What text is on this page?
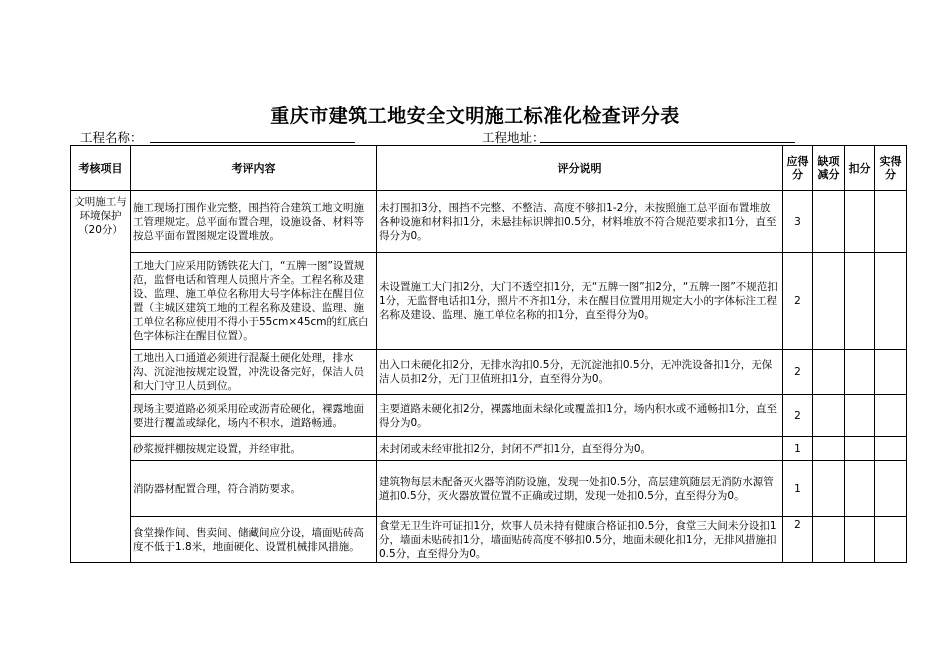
重庆市建筑工地安全文明施工标准化检查评分表
工程名称：	工程地址：
考核项目	考评内容	评分说明	应得分	缺项减分	扣分	实得分
文明施工与环境保护（20分）	施工现场打围作业完整，围挡符合建筑工地文明施工管理规定。总平面布置合理，设施设备、材料等按总平面布置图规定设置堆放。	未打围扣3分，围挡不完整、不整洁、高度不够扣1-2分，未按照施工总平面布置堆放各种设施和材料扣1分，未悬挂标识牌扣0.5分，材料堆放不符合规范要求扣1分，直至得分为0。	3			
	工地大门应采用防锈铁花大门，“五牌一图”设置规范，监督电话和管理人员照片齐全。工程名称及建设、监理、施工单位名称用大号字体标注在醒目位置（主城区建筑工地的工程名称及建设、监理、施工单位名称应使用不得小于55cm×45cm的红底白色字体标注在醒目位置）。	未设置施工大门扣2分，大门不透空扣1分，无“五牌一图”扣2分，“五牌一图”不规范扣1分，无监督电话扣1分，照片不齐扣1分，未在醒目位置用用规定大小的字体标注工程名称及建设、监理、施工单位名称的扣1分，直至得分为0。	2			
	工地出入口通道必须进行混凝土硬化处理，排水沟、沉淀池按规定设置，冲洗设备完好，保洁人员和大门守卫人员到位。	出入口未硬化扣2分，无排水沟扣0.5分，无沉淀池扣0.5分，无冲洗设备扣1分，无保洁人员扣2分，无门卫值班扣1分，直至得分为0。	2			
	现场主要道路必须采用砼或沥青砼硬化，裸露地面要进行覆盖或绿化，场内不积水，道路畅通。	主要道路未硬化扣2分，裸露地面未绿化或覆盖扣1分，场内积水或不通畅扣1分，直至得分为0。	2			
	砂浆搅拌棚按规定设置，并经审批。	未封闭或未经审批扣2分，封闭不严扣1分，直至得分为0。	1			
	消防器材配置合理，符合消防要求。	建筑物每层未配备灭火器等消防设施，发现一处扣0.5分，高层建筑随层无消防水源管道扣0.5分，灭火器放置位置不正确或过期，发现一处扣0.5分，直至得分为0。	1			
	食堂操作间、售卖间、储藏间应分设，墙面贴砖高度不低于1.8米，地面硬化、设置机械排风措施。	食堂无卫生许可证扣1分，炊事人员未持有健康合格证扣0.5分，食堂三大间未分设扣1分，墙面未贴砖扣1分，墙面贴砖高度不够扣0.5分，地面未硬化扣1分，无排风措施扣0.5分，直至得分为0。	2			
